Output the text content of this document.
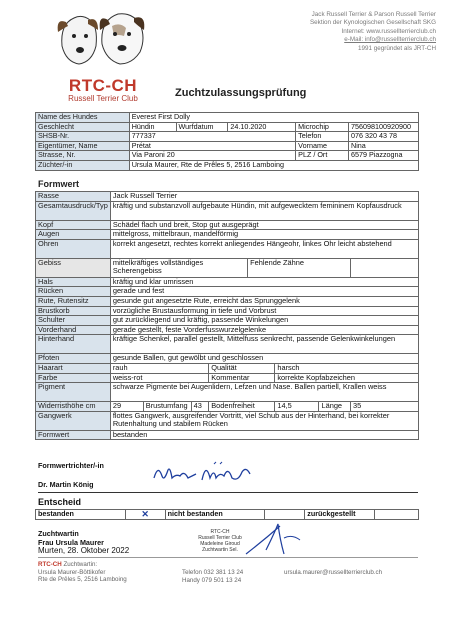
RTC-CH
Russell Terrier Club
Jack Russell Terrier & Parson Russell Terrier
Sektion der Kynologischen Gesellschaft SKG
Internet: www.russellterrierclub.ch
e-Mail: info@russellterrierclub.ch
1991 gegründet als JRT-CH
Zuchtzulassungsprüfung
Name des Hundes	Everest First Dolly				
Geschlecht	Hündin	Wurfdatum	24.10.2020	Microchip	756098100920900
SHSB-Nr.	777337			Telefon	076 320 43 78
Eigentümer, Name	Prétat			Vorname	Nina
Strasse, Nr.	Via Paroni 20			PLZ / Ort	6579 Piazzogna
Züchter/-in	Ursula Maurer, Rte de Prêles 5, 2516 Lamboing				
Formwert
Rasse	Jack Russell Terrier							
Gesamtausdruck/Typ	kräftig und substanzvoll aufgebaute Hündin, mit aufgewecktem femininem Kopfausdruck							
Kopf	Schädel flach und breit, Stop gut ausgeprägt							
Augen	mittelgross, mittelbraun, mandelförmig							
Ohren	korrekt angesetzt, rechtes korrekt anliegendes Hängeohr, linkes Ohr leicht abstehend							
Gebiss	mittelkräftiges vollständiges Scherengebiss				Fehlende Zähne			
Hals	kräftig und klar umrissen							
Rücken	gerade und fest							
Rute, Rutensitz	gesunde gut angesetzte Rute, erreicht das Sprunggelenk							
Brustkorb	vorzügliche Brustausformung in tiefe und Vorbrust							
Schulter	gut zurückliegend und kräftig, passende Winkelungen							
Vorderhand	gerade gestellt, feste Vorderfusswurzelgelenke							
Hinterhand	kräftige Schenkel, parallel gestellt, Mittelfuss senkrecht, passende Gelenkwinkelungen							
Pfoten	gesunde Ballen, gut gewölbt und geschlossen							
Haarart	rauh			Qualität		harsch		
Farbe	weiss-rot			Kommentar		korrekte Kopfabzeichen		
Pigment	schwarze Pigmente bei Augenlidern, Lefzen und Nase. Ballen partiell, Krallen weiss							
Widerristhöhe cm	29	Brustumfang	43	Bodenfreiheit		14,5	Länge	35
Gangwerk	flottes Gangwerk, ausgreifender Vortritt, viel Schub aus der Hinterhand, bei korrekter Rutenhaltung und stabilem Rücken							
Formwert	bestanden							
Formwertrichter/-in
Dr. Martin König
Entscheid
bestanden	✕	nicht bestanden		zurückgestellt	
Zuchtwartin
Frau Ursula Maurer
Murten, 28. Oktober 2022
RTC-CH
Russell Terrier Club
Madeleine Giroud
Zuchtwartin Sel.
RTC-CH Zuchtwartin:
Ursula Maurer-Böttikofer
Rte de Prêles 5, 2516 Lamboing
Telefon 032 381 13 24
Handy 079 501 13 24
ursula.maurer@russellterrierclub.ch
